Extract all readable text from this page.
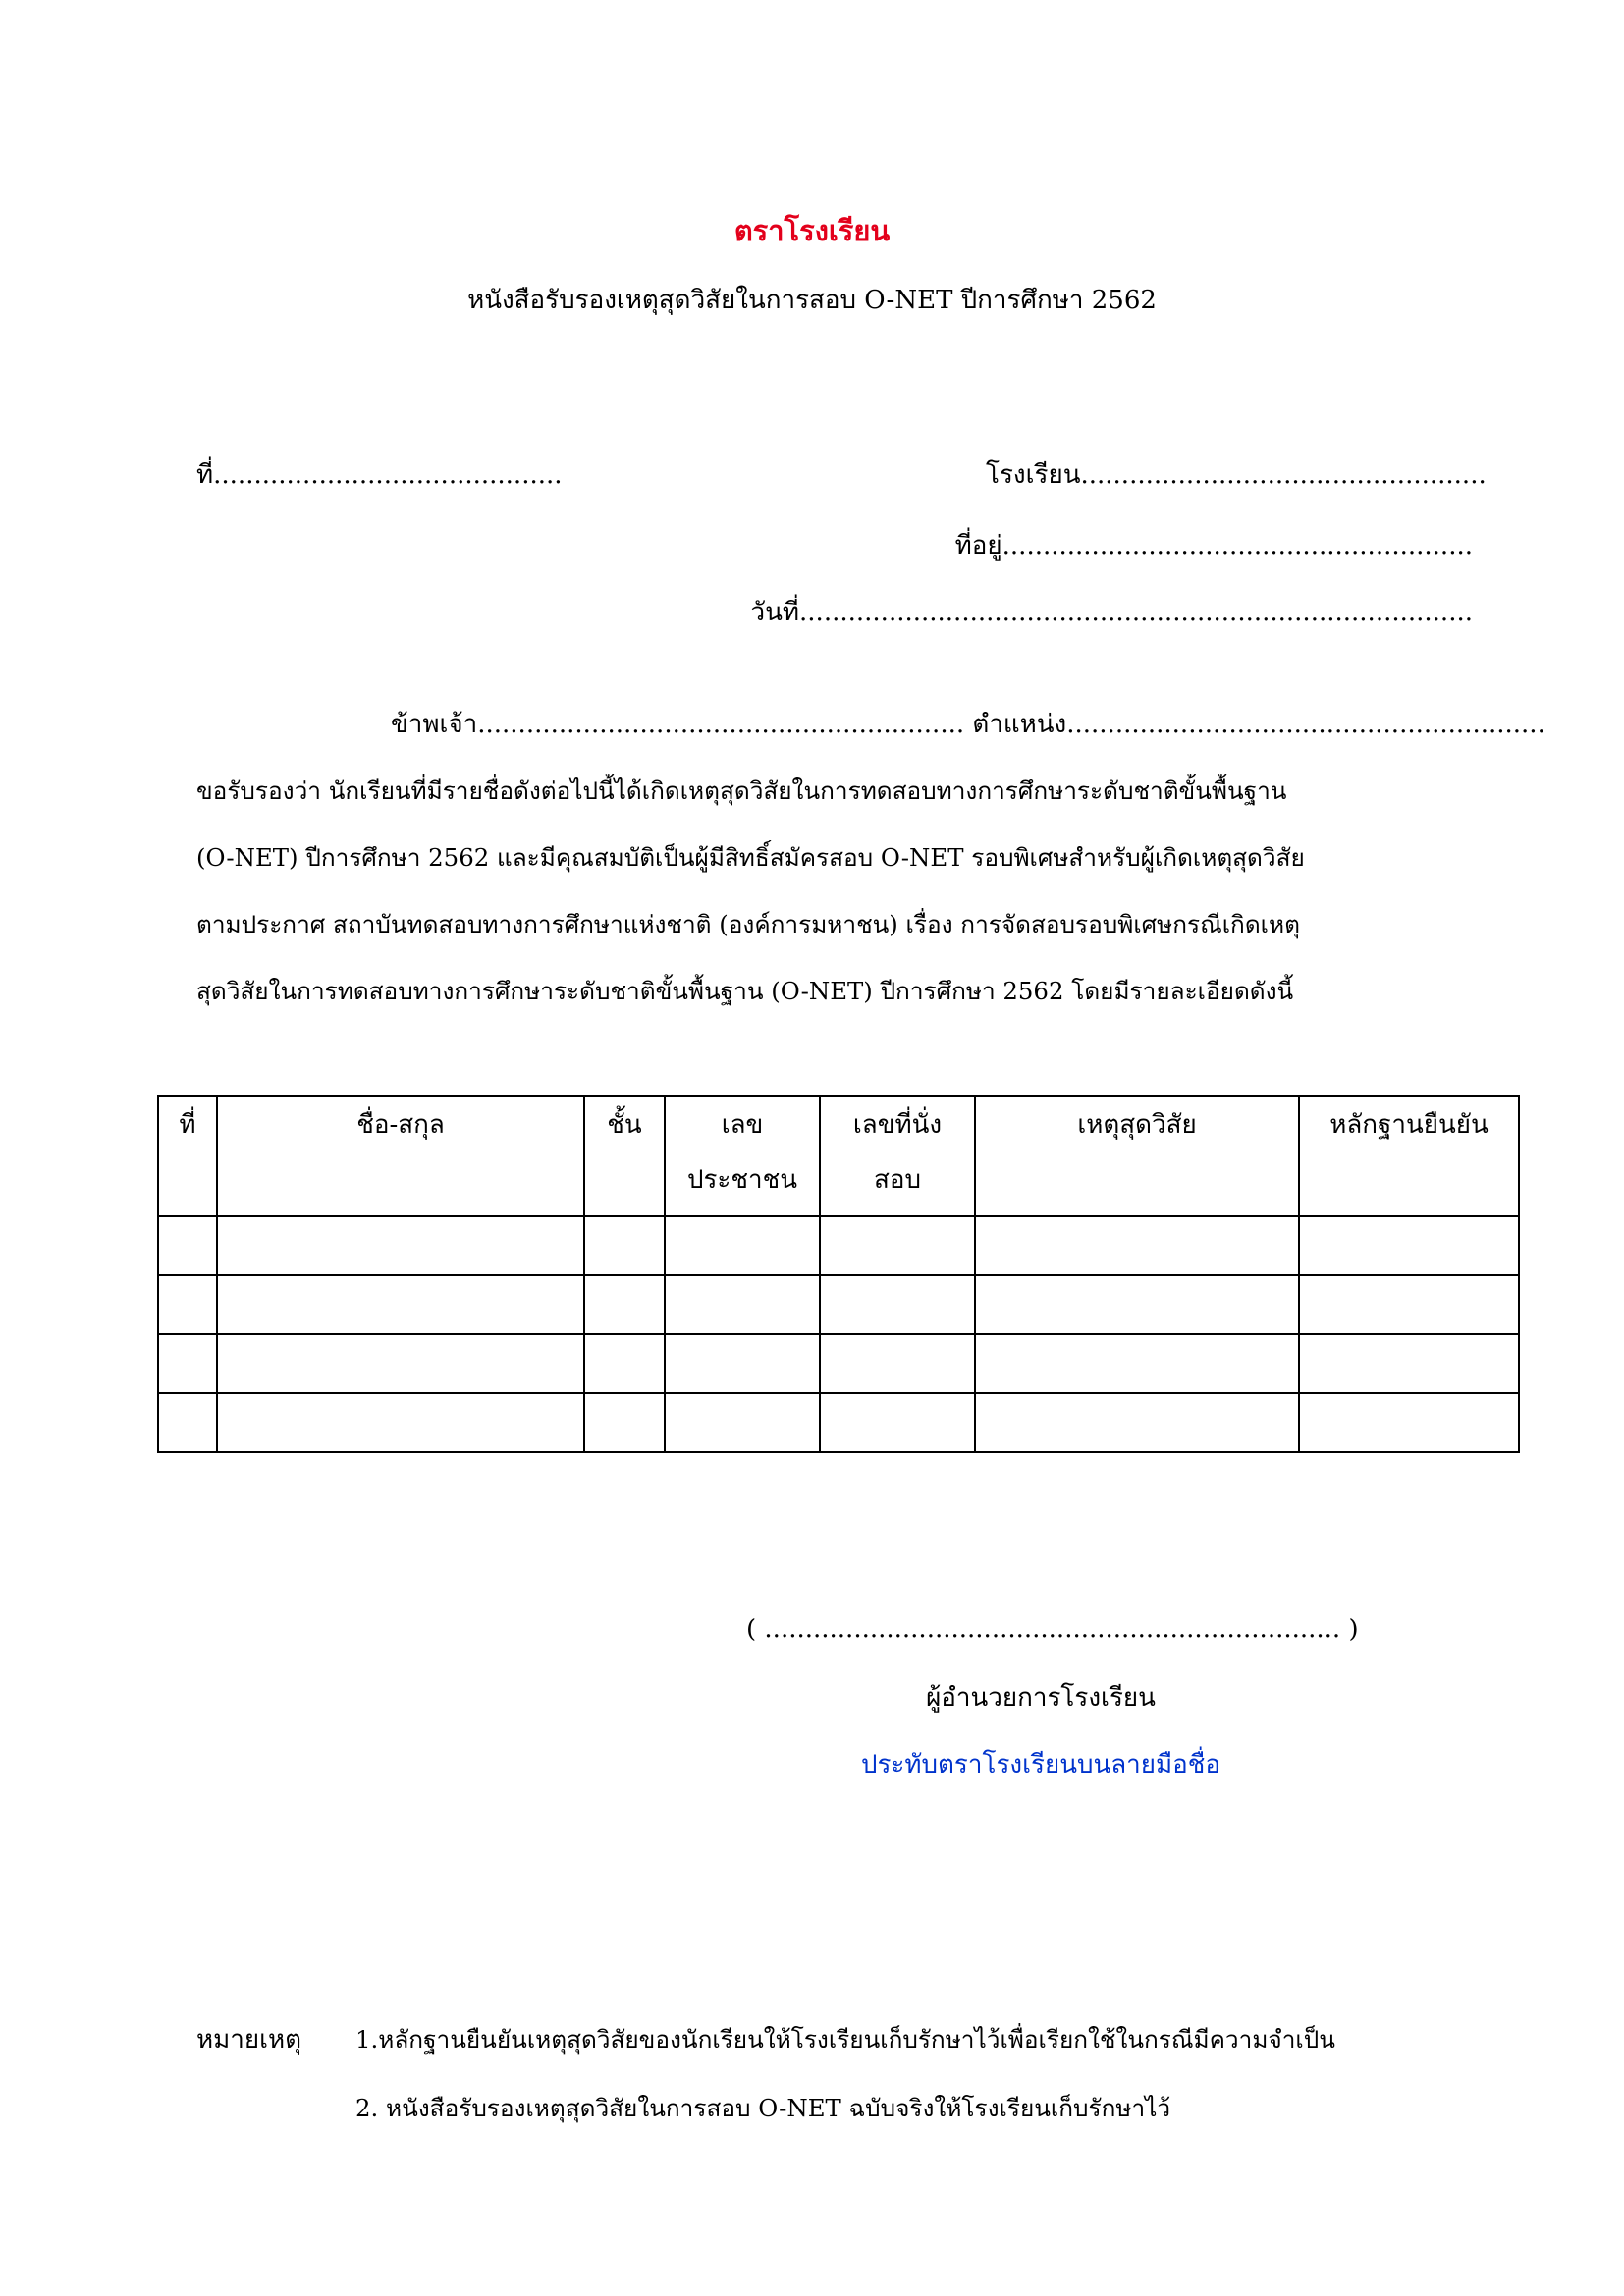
ตราโรงเรียน
หนังสือรับรองเหตุสุดวิสัยในการสอบ O-NET ปีการศึกษา 2562
ที่...........................................	โรงเรียน..................................................
ที่อยู่..........................................................
วันที่...................................................................................
ข้าพเจ้า............................................................ ตำแหน่ง...........................................................
ขอรับรองว่า นักเรียนที่มีรายชื่อดังต่อไปนี้ได้เกิดเหตุสุดวิสัยในการทดสอบทางการศึกษาระดับชาติขั้นพื้นฐาน
(O-NET) ปีการศึกษา 2562 และมีคุณสมบัติเป็นผู้มีสิทธิ์สมัครสอบ O-NET รอบพิเศษสำหรับผู้เกิดเหตุสุดวิสัย
ตามประกาศ สถาบันทดสอบทางการศึกษาแห่งชาติ (องค์การมหาชน) เรื่อง การจัดสอบรอบพิเศษกรณีเกิดเหตุ
สุดวิสัยในการทดสอบทางการศึกษาระดับชาติขั้นพื้นฐาน (O-NET) ปีการศึกษา 2562 โดยมีรายละเอียดดังนี้
ที่	ชื่อ-สกุล	ชั้น	เลขประชาชน	เลขที่นั่งสอบ	เหตุสุดวิสัย	หลักฐานยืนยัน

( ....................................................................... )
ผู้อำนวยการโรงเรียน
ประทับตราโรงเรียนบนลายมือชื่อ
หมายเหตุ 1.หลักฐานยืนยันเหตุสุดวิสัยของนักเรียนให้โรงเรียนเก็บรักษาไว้เพื่อเรียกใช้ในกรณีมีความจำเป็น
2. หนังสือรับรองเหตุสุดวิสัยในการสอบ O-NET ฉบับจริงให้โรงเรียนเก็บรักษาไว้
